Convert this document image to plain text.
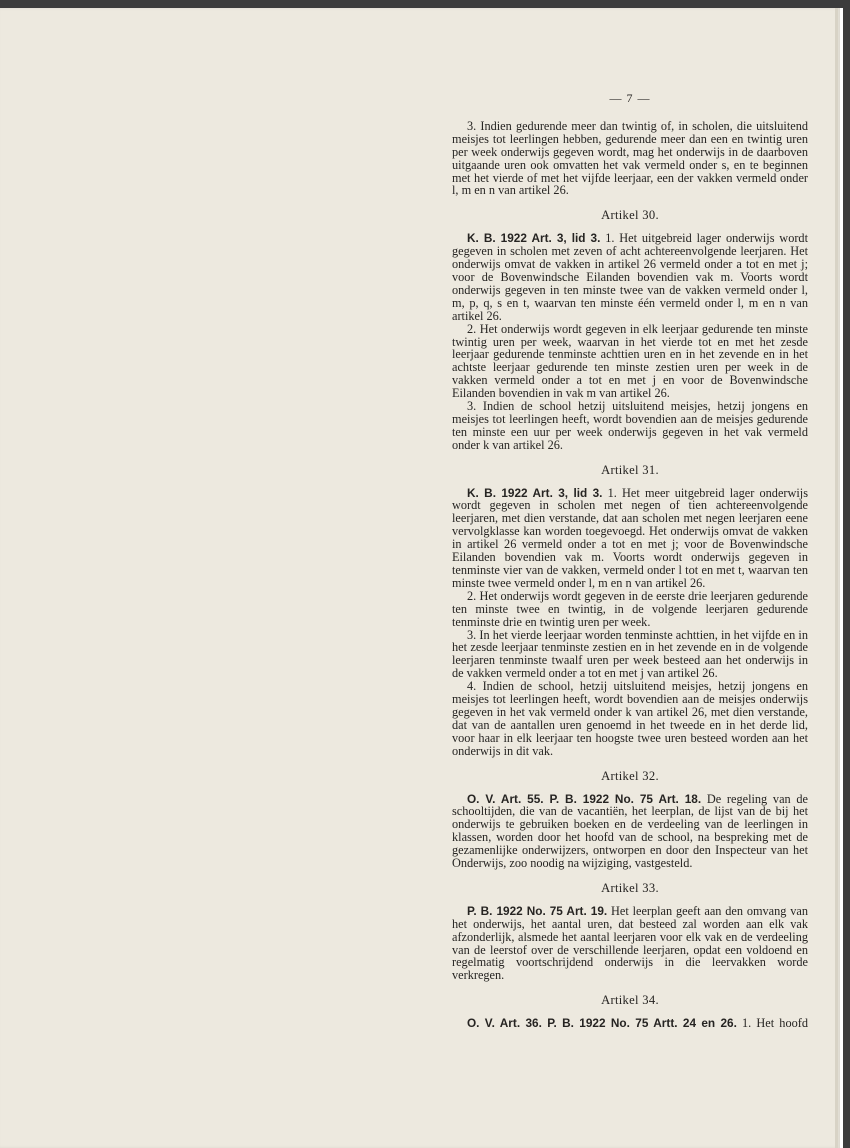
— 7 —

3. Indien gedurende meer dan twintig of, in scholen, die uitsluitend meisjes tot leerlingen hebben, gedurende meer dan een en twintig uren per week onderwijs gegeven wordt, mag het onderwijs in de daarboven uitgaande uren ook omvatten het vak vermeld onder s, en te beginnen met het vierde of met het vijfde leerjaar, een der vakken vermeld onder l, m en n van artikel 26.

Artikel 30.

K. B. 1922 Art. 3, lid 3. 1. Het uitgebreid lager onderwijs wordt gegeven in scholen met zeven of acht achtereenvolgende leerjaren. Het onderwijs omvat de vakken in artikel 26 vermeld onder a tot en met j; voor de Bovenwindsche Eilanden bovendien vak m. Voorts wordt onderwijs gegeven in ten minste twee van de vakken vermeld onder l, m, p, q, s en t, waarvan ten minste één vermeld onder l, m en n van artikel 26.

2. Het onderwijs wordt gegeven in elk leerjaar gedurende ten minste twintig uren per week, waarvan in het vierde tot en met het zesde leerjaar gedurende tenminste achttien uren en in het zevende en in het achtste leerjaar gedurende ten minste zestien uren per week in de vakken vermeld onder a tot en met j en voor de Bovenwindsche Eilanden bovendien in vak m van artikel 26.

3. Indien de school hetzij uitsluitend meisjes, hetzij jongens en meisjes tot leerlingen heeft, wordt bovendien aan de meisjes gedurende ten minste een uur per week onderwijs gegeven in het vak vermeld onder k van artikel 26.

Artikel 31.

K. B. 1922 Art. 3, lid 3. 1. Het meer uitgebreid lager onderwijs wordt gegeven in scholen met negen of tien achtereenvolgende leerjaren, met dien verstande, dat aan scholen met negen leerjaren eene vervolgklasse kan worden toegevoegd. Het onderwijs omvat de vakken in artikel 26 vermeld onder a tot en met j; voor de Bovenwindsche Eilanden bovendien vak m. Voorts wordt onderwijs gegeven in tenminste vier van de vakken, vermeld onder l tot en met t, waarvan ten minste twee vermeld onder l, m en n van artikel 26.

2. Het onderwijs wordt gegeven in de eerste drie leerjaren gedurende ten minste twee en twintig, in de volgende leerjaren gedurende tenminste drie en twintig uren per week.

3. In het vierde leerjaar worden tenminste achttien, in het vijfde en in het zesde leerjaar tenminste zestien en in het zevende en in de volgende leerjaren tenminste twaalf uren per week besteed aan het onderwijs in de vakken vermeld onder a tot en met j van artikel 26.

4. Indien de school, hetzij uitsluitend meisjes, hetzij jongens en meisjes tot leerlingen heeft, wordt bovendien aan de meisjes onderwijs gegeven in het vak vermeld onder k van artikel 26, met dien verstande, dat van de aantallen uren genoemd in het tweede en in het derde lid, voor haar in elk leerjaar ten hoogste twee uren besteed worden aan het onderwijs in dit vak.

Artikel 32.

O. V. Art. 55. P. B. 1922 No. 75 Art. 18. De regeling van de schooltijden, die van de vacantiën, het leerplan, de lijst van de bij het onderwijs te gebruiken boeken en de verdeeling van de leerlingen in klassen, worden door het hoofd van de school, na bespreking met de gezamenlijke onderwijzers, ontworpen en door den Inspecteur van het Onderwijs, zoo noodig na wijziging, vastgesteld.

Artikel 33.

P. B. 1922 No. 75 Art. 19. Het leerplan geeft aan den omvang van het onderwijs, het aantal uren, dat besteed zal worden aan elk vak afzonderlijk, alsmede het aantal leerjaren voor elk vak en de verdeeling van de leerstof over de verschillende leerjaren, opdat een voldoend en regelmatig voortschrijdend onderwijs in die leervakken worde verkregen.

Artikel 34.

O. V. Art. 36. P. B. 1922 No. 75 Artt. 24 en 26. 1. Het hoofd
